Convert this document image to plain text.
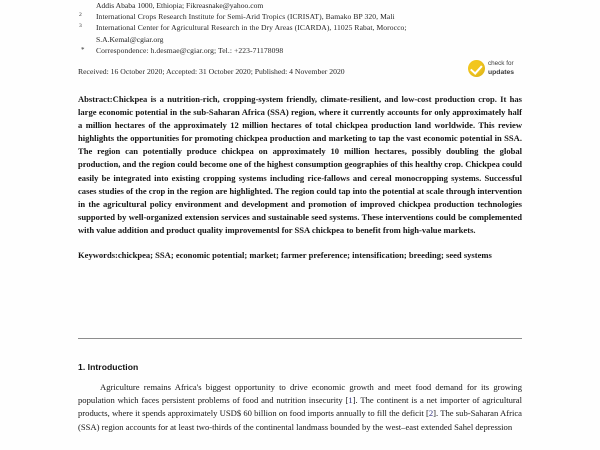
Addis Ababa 1000, Ethiopia; Fikreasnake@yahoo.com
2 International Crops Research Institute for Semi-Arid Tropics (ICRISAT), Bamako BP 320, Mali
3 International Center for Agricultural Research in the Dry Areas (ICARDA), 11025 Rabat, Morocco;
S.A.Kemal@cgiar.org
* Correspondence: h.desmae@cgiar.org; Tel.: +223-71178098
Received: 16 October 2020; Accepted: 31 October 2020; Published: 4 November 2020
Abstract:Chickpea is a nutrition-rich, cropping-system friendly, climate-resilient, and low-cost production crop. It has large economic potential in the sub-Saharan Africa (SSA) region, where it currently accounts for only approximately half a million hectares of the approximately 12 million hectares of total chickpea production land worldwide. This review highlights the opportunities for promoting chickpea production and marketing to tap the vast economic potential in SSA. The region can potentially produce chickpea on approximately 10 million hectares, possibly doubling the global production, and the region could become one of the highest consumption geographies of this healthy crop. Chickpea could easily be integrated into existing cropping systems including rice-fallows and cereal monocropping systems. Successful cases studies of the crop in the region are highlighted. The region could tap into the potential at scale through intervention in the agricultural policy environment and development and promotion of improved chickpea production technologies supported by well-organized extension services and sustainable seed systems. These interventions could be complemented with value addition and product quality improvementsl for SSA chickpea to benefit from high-value markets.
Keywords:chickpea; SSA; economic potential; market; farmer preference; intensification; breeding; seed systems
check for
updates
1. Introduction
Agriculture remains Africa's biggest opportunity to drive economic growth and meet food demand for its growing population which faces persistent problems of food and nutrition insecurity [1]. The continent is a net importer of agricultural products, where it spends approximately USD$ 60 billion on food imports annually to fill the deficit [2]. The sub-Saharan Africa (SSA) region accounts for at least two-thirds of the continental landmass bounded by the west–east extended Sahel depression
